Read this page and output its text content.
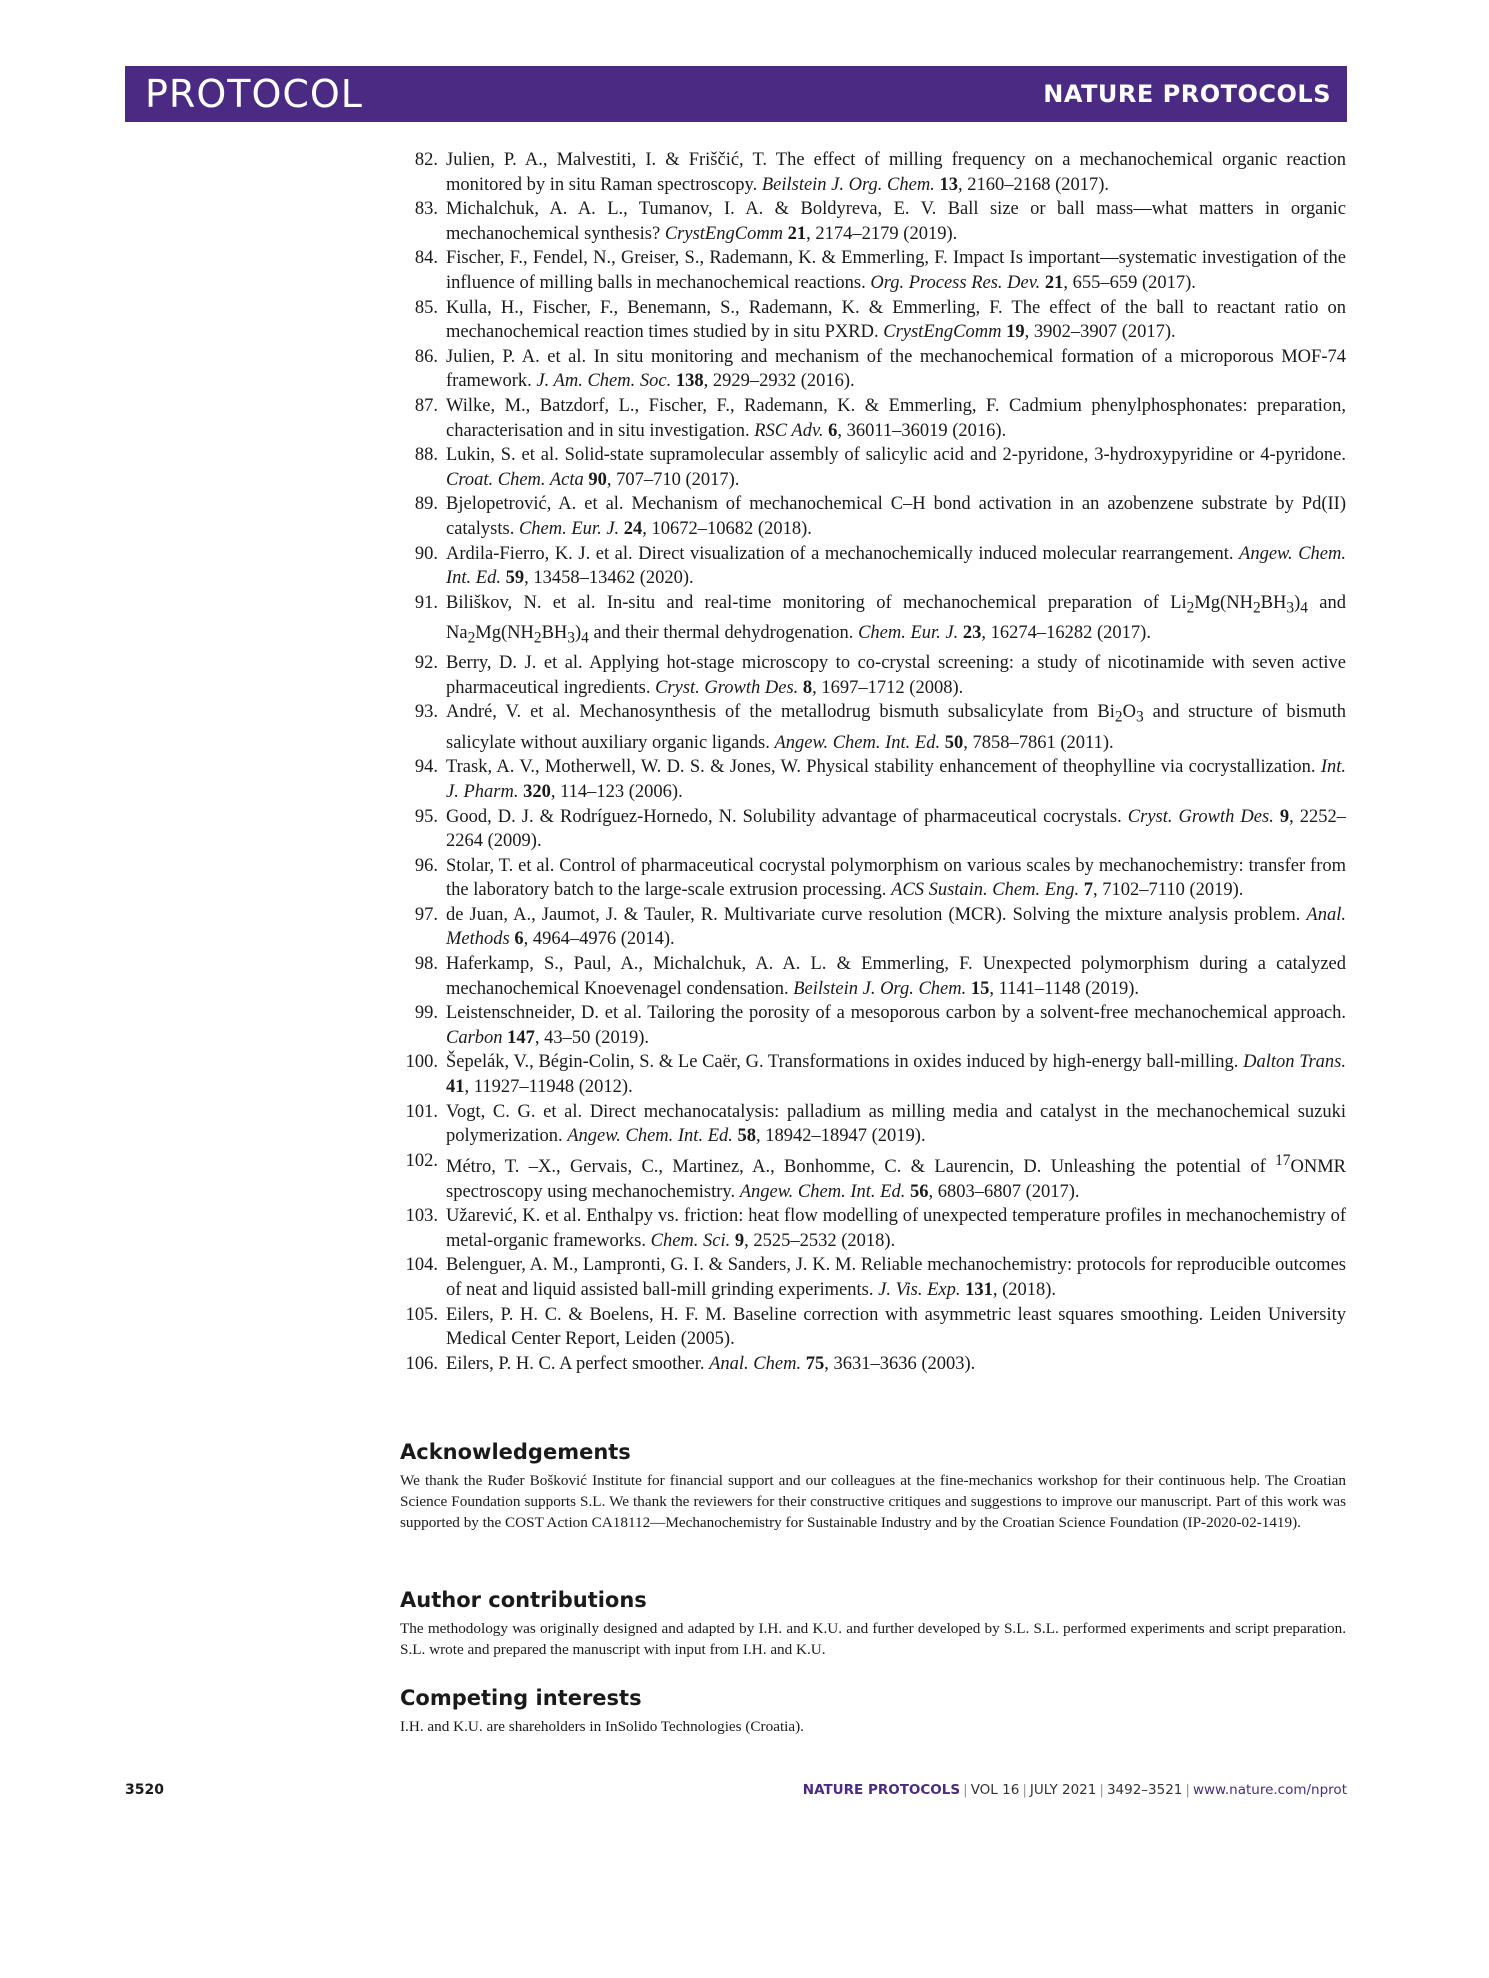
PROTOCOL	NATURE PROTOCOLS
82. Julien, P. A., Malvestiti, I. & Friščić, T. The effect of milling frequency on a mechanochemical organic reaction monitored by in situ Raman spectroscopy. Beilstein J. Org. Chem. 13, 2160–2168 (2017).
83. Michalchuk, A. A. L., Tumanov, I. A. & Boldyreva, E. V. Ball size or ball mass—what matters in organic mechanochemical synthesis? CrystEngComm 21, 2174–2179 (2019).
84. Fischer, F., Fendel, N., Greiser, S., Rademann, K. & Emmerling, F. Impact Is important—systematic investigation of the influence of milling balls in mechanochemical reactions. Org. Process Res. Dev. 21, 655–659 (2017).
85. Kulla, H., Fischer, F., Benemann, S., Rademann, K. & Emmerling, F. The effect of the ball to reactant ratio on mechanochemical reaction times studied by in situ PXRD. CrystEngComm 19, 3902–3907 (2017).
86. Julien, P. A. et al. In situ monitoring and mechanism of the mechanochemical formation of a microporous MOF-74 framework. J. Am. Chem. Soc. 138, 2929–2932 (2016).
87. Wilke, M., Batzdorf, L., Fischer, F., Rademann, K. & Emmerling, F. Cadmium phenylphosphonates: preparation, characterisation and in situ investigation. RSC Adv. 6, 36011–36019 (2016).
88. Lukin, S. et al. Solid-state supramolecular assembly of salicylic acid and 2-pyridone, 3-hydroxypyridine or 4-pyridone. Croat. Chem. Acta 90, 707–710 (2017).
89. Bjelopetrović, A. et al. Mechanism of mechanochemical C–H bond activation in an azobenzene substrate by Pd(II) catalysts. Chem. Eur. J. 24, 10672–10682 (2018).
90. Ardila-Fierro, K. J. et al. Direct visualization of a mechanochemically induced molecular rearrangement. Angew. Chem. Int. Ed. 59, 13458–13462 (2020).
91. Biliškov, N. et al. In-situ and real-time monitoring of mechanochemical preparation of $Li_2Mg(NH_2BH_3)_4$ and $Na_2Mg(NH_2BH_3)_4$ and their thermal dehydrogenation. Chem. Eur. J. 23, 16274–16282 (2017).
92. Berry, D. J. et al. Applying hot-stage microscopy to co-crystal screening: a study of nicotinamide with seven active pharmaceutical ingredients. Cryst. Growth Des. 8, 1697–1712 (2008).
93. André, V. et al. Mechanosynthesis of the metallodrug bismuth subsalicylate from $Bi_2O_3$ and structure of bismuth salicylate without auxiliary organic ligands. Angew. Chem. Int. Ed. 50, 7858–7861 (2011).
94. Trask, A. V., Motherwell, W. D. S. & Jones, W. Physical stability enhancement of theophylline via cocrystallization. Int. J. Pharm. 320, 114–123 (2006).
95. Good, D. J. & Rodríguez-Hornedo, N. Solubility advantage of pharmaceutical cocrystals. Cryst. Growth Des. 9, 2252–2264 (2009).
96. Stolar, T. et al. Control of pharmaceutical cocrystal polymorphism on various scales by mechanochemistry: transfer from the laboratory batch to the large-scale extrusion processing. ACS Sustain. Chem. Eng. 7, 7102–7110 (2019).
97. de Juan, A., Jaumot, J. & Tauler, R. Multivariate curve resolution (MCR). Solving the mixture analysis problem. Anal. Methods 6, 4964–4976 (2014).
98. Haferkamp, S., Paul, A., Michalchuk, A. A. L. & Emmerling, F. Unexpected polymorphism during a catalyzed mechanochemical Knoevenagel condensation. Beilstein J. Org. Chem. 15, 1141–1148 (2019).
99. Leistenschneider, D. et al. Tailoring the porosity of a mesoporous carbon by a solvent-free mechanochemical approach. Carbon 147, 43–50 (2019).
100. Šepelák, V., Bégin-Colin, S. & Le Caër, G. Transformations in oxides induced by high-energy ball-milling. Dalton Trans. 41, 11927–11948 (2012).
101. Vogt, C. G. et al. Direct mechanocatalysis: palladium as milling media and catalyst in the mechanochemical suzuki polymerization. Angew. Chem. Int. Ed. 58, 18942–18947 (2019).
102. Métro, T. –X., Gervais, C., Martinez, A., Bonhomme, C. & Laurencin, D. Unleashing the potential of $^{17}$ONMR spectroscopy using mechanochemistry. Angew. Chem. Int. Ed. 56, 6803–6807 (2017).
103. Užarević, K. et al. Enthalpy vs. friction: heat flow modelling of unexpected temperature profiles in mechanochemistry of metal-organic frameworks. Chem. Sci. 9, 2525–2532 (2018).
104. Belenguer, A. M., Lampronti, G. I. & Sanders, J. K. M. Reliable mechanochemistry: protocols for reproducible outcomes of neat and liquid assisted ball-mill grinding experiments. J. Vis. Exp. 131, (2018).
105. Eilers, P. H. C. & Boelens, H. F. M. Baseline correction with asymmetric least squares smoothing. Leiden University Medical Center Report, Leiden (2005).
106. Eilers, P. H. C. A perfect smoother. Anal. Chem. 75, 3631–3636 (2003).
Acknowledgements

We thank the Ruđer Bošković Institute for financial support and our colleagues at the fine-mechanics workshop for their continuous help. The Croatian Science Foundation supports S.L. We thank the reviewers for their constructive critiques and suggestions to improve our manuscript. Part of this work was supported by the COST Action CA18112—Mechanochemistry for Sustainable Industry and by the Croatian Science Foundation (IP-2020-02-1419).

Author contributions

The methodology was originally designed and adapted by I.H. and K.U. and further developed by S.L. S.L. performed experiments and script preparation. S.L. wrote and prepared the manuscript with input from I.H. and K.U.

Competing interests

I.H. and K.U. are shareholders in InSolido Technologies (Croatia).

3520	NATURE PROTOCOLS | VOL 16 | JULY 2021 | 3492–3521 | www.nature.com/nprot
